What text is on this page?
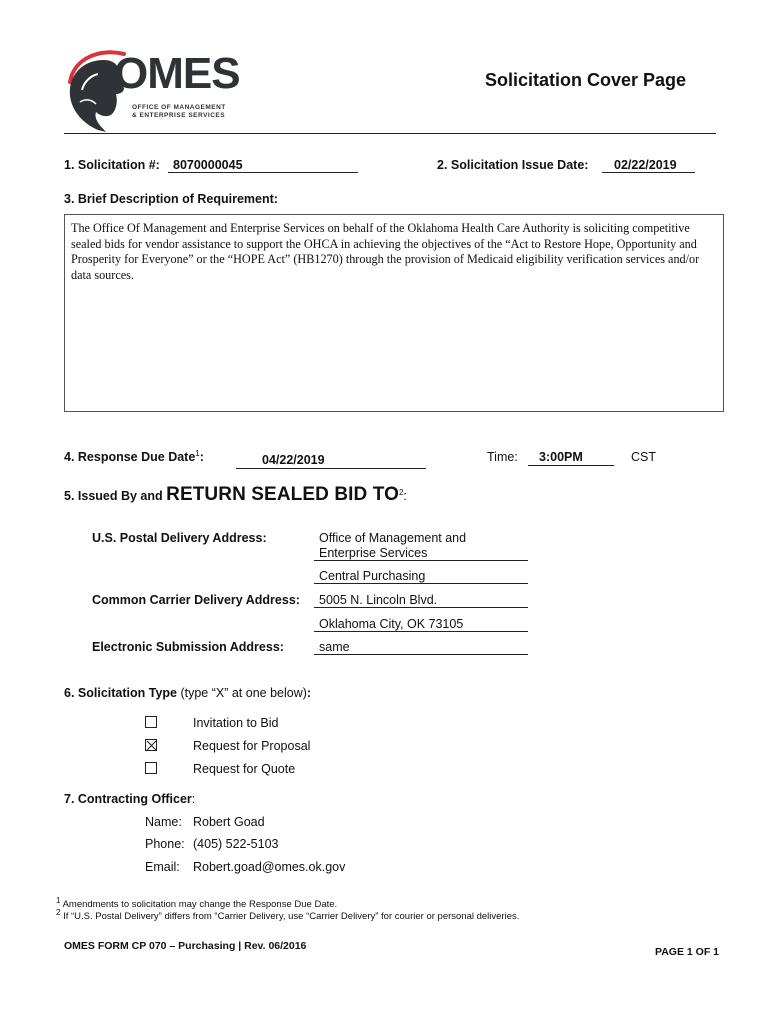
OMES
OFFICE OF MANAGEMENT
& ENTERPRISE SERVICES
Solicitation Cover Page
1. Solicitation #: 8070000045	2. Solicitation Issue Date: 02/22/2019
3. Brief Description of Requirement:
The Office Of Management and Enterprise Services on behalf of the Oklahoma Health Care Authority is soliciting competitive sealed bids for vendor assistance to support the OHCA in achieving the objectives of the “Act to Restore Hope, Opportunity and Prosperity for Everyone” or the “HOPE Act” (HB1270) through the provision of Medicaid eligibility verification services and/or data sources.
4. Response Due Date$^1$:	04/22/2019	Time: 3:00PM	CST
5. Issued By and RETURN SEALED BID $TO^2$:
U.S. Postal Delivery Address:	Office of Management and
Enterprise Services
Central Purchasing
Common Carrier Delivery Address: 5005 N. Lincoln Blvd.
Oklahoma City, OK 73105
Electronic Submission Address:	same
6. Solicitation Type (type “X” at one below):
Invitation to Bid
Request for Proposal
Request for Quote
7. Contracting Officer:
Name: Robert Goad
Phone: (405) 522-5103
Email: Robert.goad@omes.ok.gov
$^1$ Amendments to solicitation may change the Response Due Date.
$^2$ If “U.S. Postal Delivery” differs from “Carrier Delivery, use “Carrier Delivery” for courier or personal deliveries.
OMES FORM CP 070 – Purchasing | Rev. 06/2016	PAGE 1 OF 1
